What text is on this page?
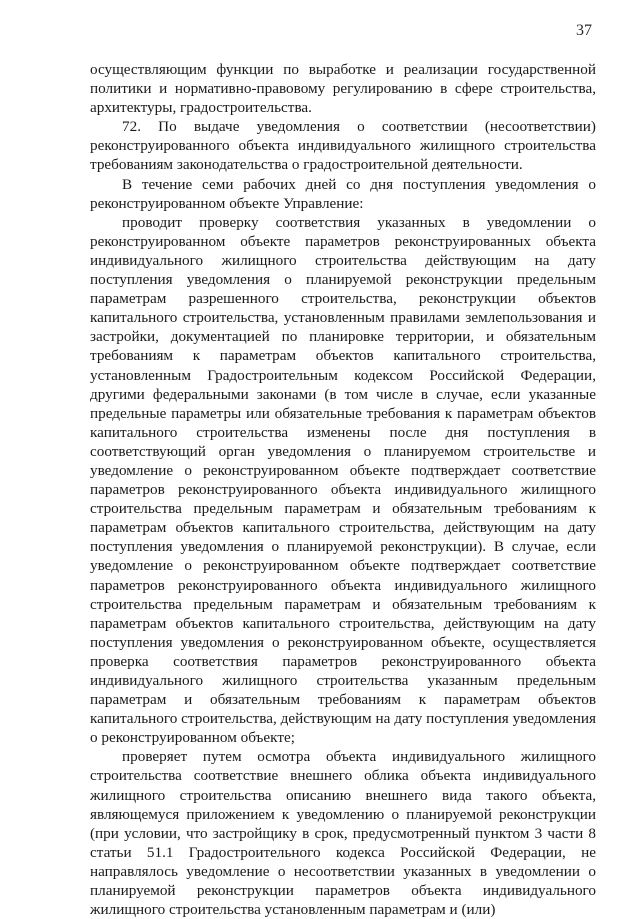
37

осуществляющим функции по выработке и реализации государственной политики и нормативно-правовому регулированию в сфере строительства, архитектуры, градостроительства.

72. По выдаче уведомления о соответствии (несоответствии) реконструированного объекта индивидуального жилищного строительства требованиям законодательства о градостроительной деятельности.

В течение семи рабочих дней со дня поступления уведомления о реконструированном объекте Управление:

проводит проверку соответствия указанных в уведомлении о реконструированном объекте параметров реконструированных объекта индивидуального жилищного строительства действующим на дату поступления уведомления о планируемой реконструкции предельным параметрам разрешенного строительства, реконструкции объектов капитального строительства, установленным правилами землепользования и застройки, документацией по планировке территории, и обязательным требованиям к параметрам объектов капитального строительства, установленным Градостроительным кодексом Российской Федерации, другими федеральными законами (в том числе в случае, если указанные предельные параметры или обязательные требования к параметрам объектов капитального строительства изменены после дня поступления в соответствующий орган уведомления о планируемом строительстве и уведомление о реконструированном объекте подтверждает соответствие параметров реконструированного объекта индивидуального жилищного строительства предельным параметрам и обязательным требованиям к параметрам объектов капитального строительства, действующим на дату поступления уведомления о планируемой реконструкции). В случае, если уведомление о реконструированном объекте подтверждает соответствие параметров реконструированного объекта индивидуального жилищного строительства предельным параметрам и обязательным требованиям к параметрам объектов капитального строительства, действующим на дату поступления уведомления о реконструированном объекте, осуществляется проверка соответствия параметров реконструированного объекта индивидуального жилищного строительства указанным предельным параметрам и обязательным требованиям к параметрам объектов капитального строительства, действующим на дату поступления уведомления о реконструированном объекте;

проверяет путем осмотра объекта индивидуального жилищного строительства соответствие внешнего облика объекта индивидуального жилищного строительства описанию внешнего вида такого объекта, являющемуся приложением к уведомлению о планируемой реконструкции (при условии, что застройщику в срок, предусмотренный пунктом 3 части 8 статьи 51.1 Градостроительного кодекса Российской Федерации, не направлялось уведомление о несоответствии указанных в уведомлении о планируемой реконструкции параметров объекта индивидуального жилищного строительства установленным параметрам и (или)
